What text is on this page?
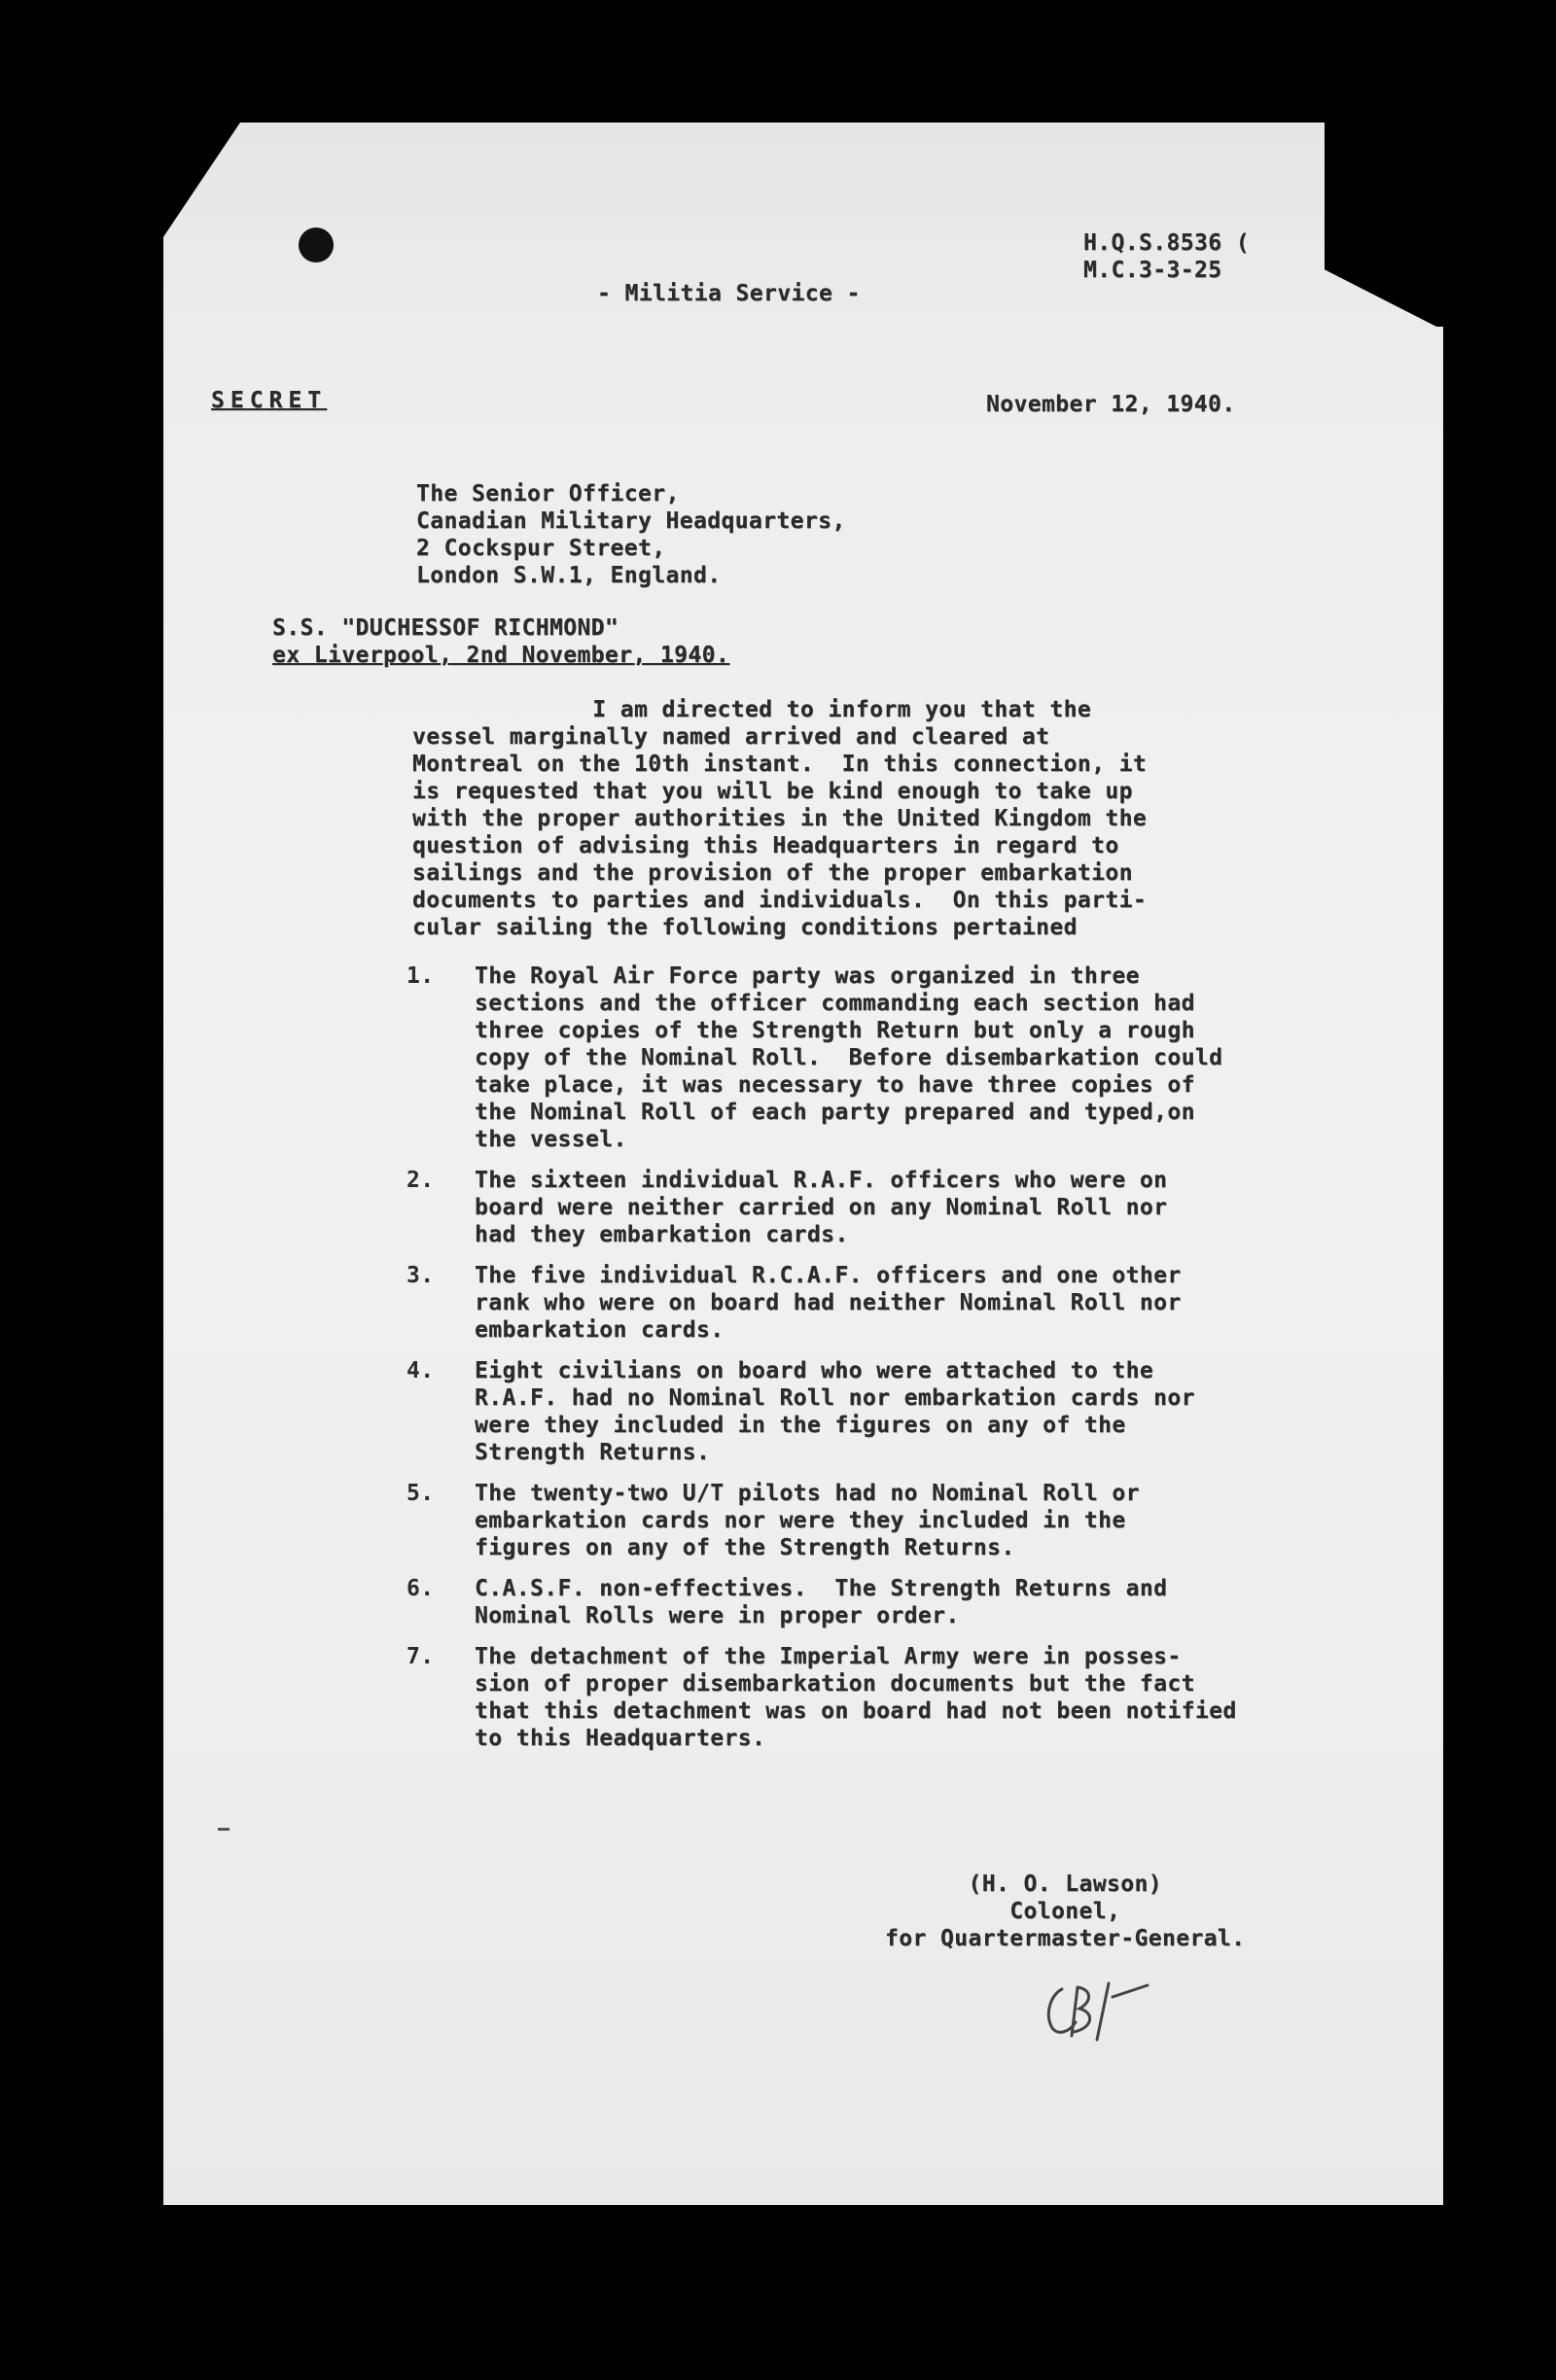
H.Q.S.8536 (
M.C.3-3-25
- Militia Service -
SECRET	November 12, 1940.
The Senior Officer,
Canadian Military Headquarters,
2 Cockspur Street,
London S.W.1, England.
S.S. "DUCHESSOF RICHMOND"

ex Liverpool, 2nd November, 1940.
I am directed to inform you that the
vessel marginally named arrived and cleared at
Montreal on the 10th instant.  In this connection, it
is requested that you will be kind enough to take up
with the proper authorities in the United Kingdom the
question of advising this Headquarters in regard to
sailings and the provision of the proper embarkation
documents to parties and individuals.  On this parti-
cular sailing the following conditions pertained
1.	The Royal Air Force party was organized in three
sections and the officer commanding each section had
three copies of the Strength Return but only a rough
copy of the Nominal Roll.  Before disembarkation could
take place, it was necessary to have three copies of
the Nominal Roll of each party prepared and typed,on
the vessel.
2.	The sixteen individual R.A.F. officers who were on
board were neither carried on any Nominal Roll nor
had they embarkation cards.
3.	The five individual R.C.A.F. officers and one other
rank who were on board had neither Nominal Roll nor
embarkation cards.
4.	Eight civilians on board who were attached to the
R.A.F. had no Nominal Roll nor embarkation cards nor
were they included in the figures on any of the
Strength Returns.
5.	The twenty-two U/T pilots had no Nominal Roll or
embarkation cards nor were they included in the
figures on any of the Strength Returns.
6.	C.A.S.F. non-effectives.  The Strength Returns and
Nominal Rolls were in proper order.
7.	The detachment of the Imperial Army were in posses-
sion of proper disembarkation documents but the fact
that this detachment was on board had not been notified
to this Headquarters.
(H. O. Lawson)
Colonel,
for Quartermaster-General.
